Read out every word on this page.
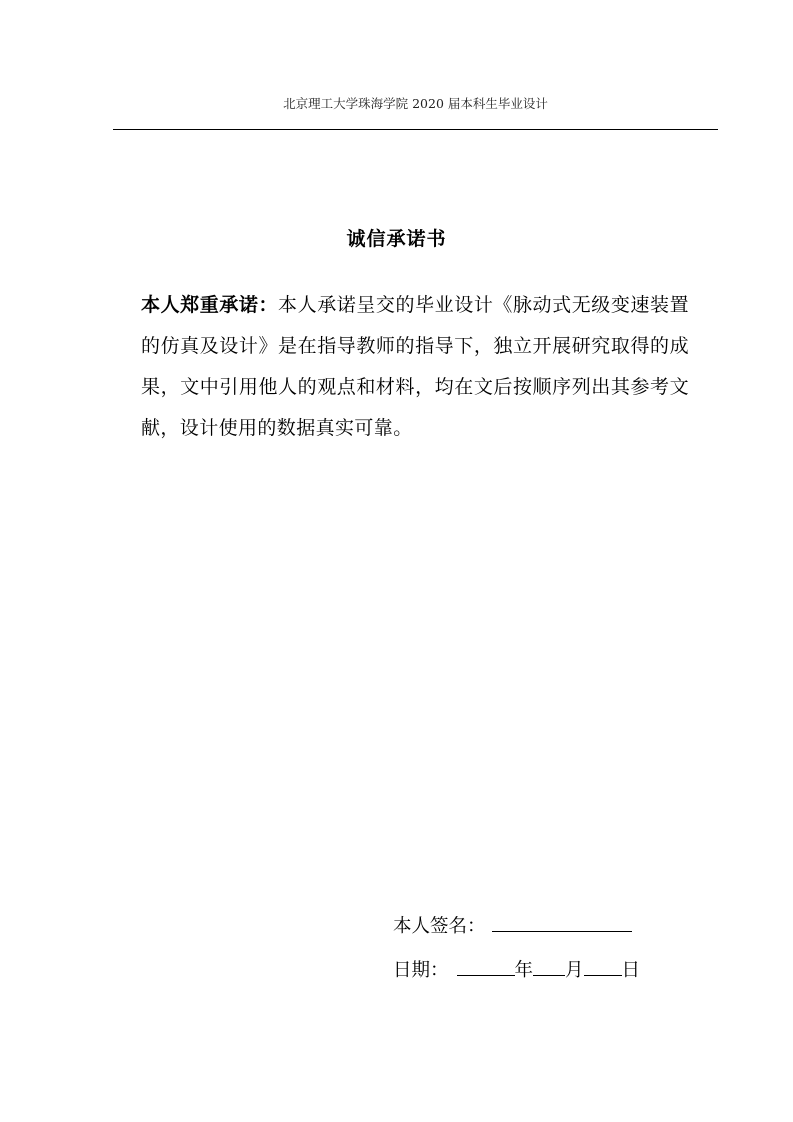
北京理工大学珠海学院 2020 届本科生毕业设计
诚信承诺书
本人郑重承诺：本人承诺呈交的毕业设计《脉动式无级变速装置的仿真及设计》是在指导教师的指导下，独立开展研究取得的成果，文中引用他人的观点和材料，均在文后按顺序列出其参考文献，设计使用的数据真实可靠。
本人签名：
日期：	年 月 日
